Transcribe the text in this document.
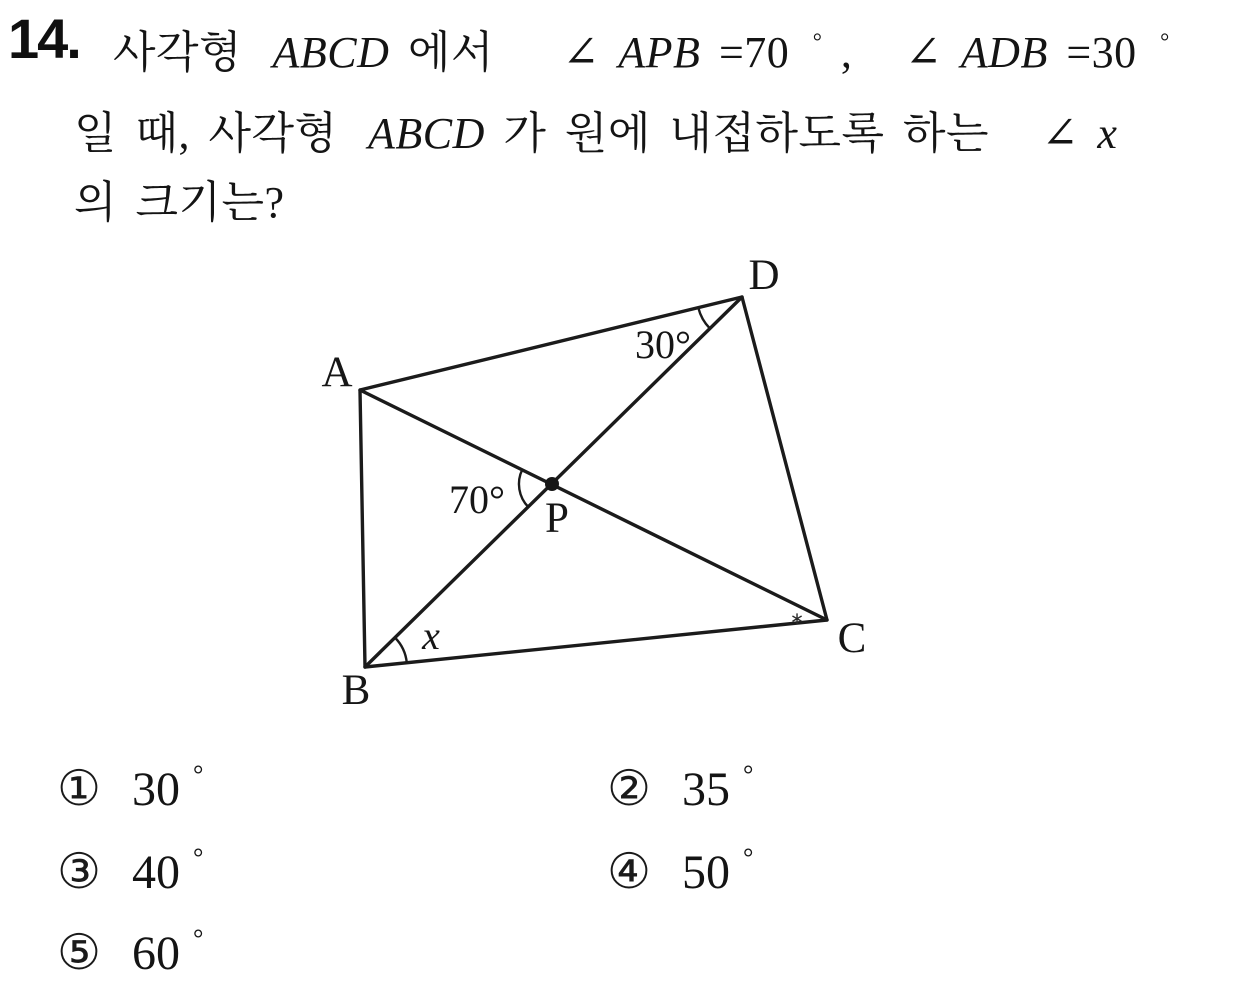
14. 사각형 ABCD 에서 ∠ APB =70 ° , ∠ ADB =30 °
일 때, 사각형 ABCD 가 원에 내접하도록 하는 ∠ x
의 크기는?
A
D
B
C
P
70°
30°
x	∗
① 30 °	② 35 °
③ 40 °	④ 50 °
⑤ 60 °
